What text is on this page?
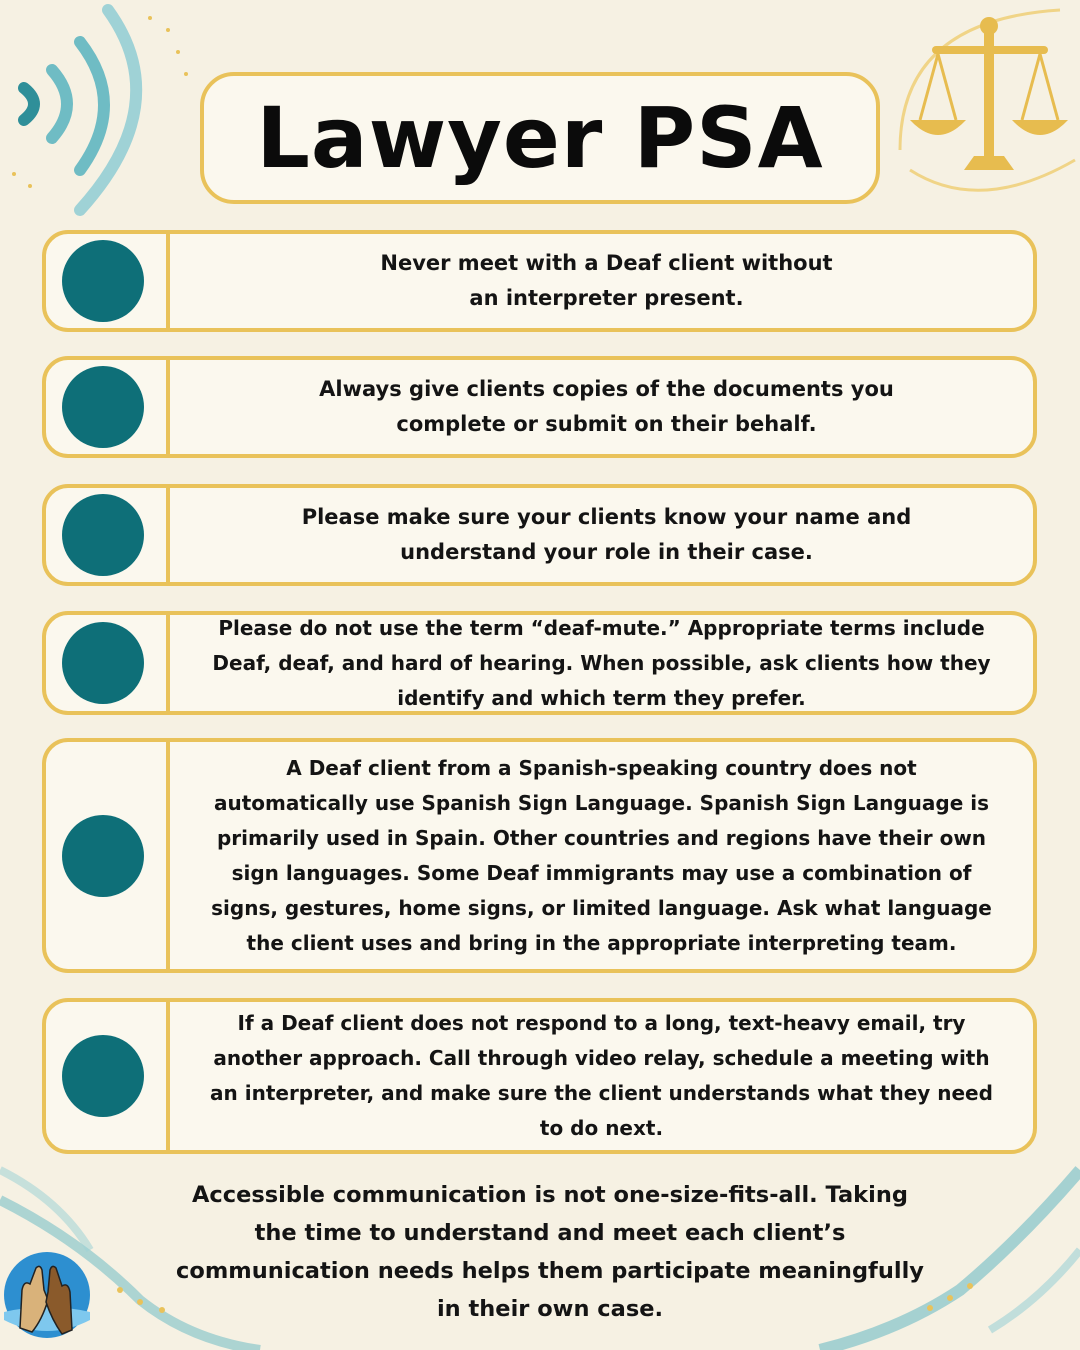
Lawyer PSA
Never meet with a Deaf client without
an interpreter present.
Always give clients copies of the documents you
complete or submit on their behalf.
Please make sure your clients know your name and
understand your role in their case.
Please do not use the term “deaf-mute.” Appropriate terms include
Deaf, deaf, and hard of hearing. When possible, ask clients how they
identify and which term they prefer.
A Deaf client from a Spanish-speaking country does not
automatically use Spanish Sign Language. Spanish Sign Language is
primarily used in Spain. Other countries and regions have their own
sign languages. Some Deaf immigrants may use a combination of
signs, gestures, home signs, or limited language. Ask what language
the client uses and bring in the appropriate interpreting team.
If a Deaf client does not respond to a long, text-heavy email, try
another approach. Call through video relay, schedule a meeting with
an interpreter, and make sure the client understands what they need
to do next.
Accessible communication is not one-size-fits-all. Taking
the time to understand and meet each client’s
communication needs helps them participate meaningfully
in their own case.
